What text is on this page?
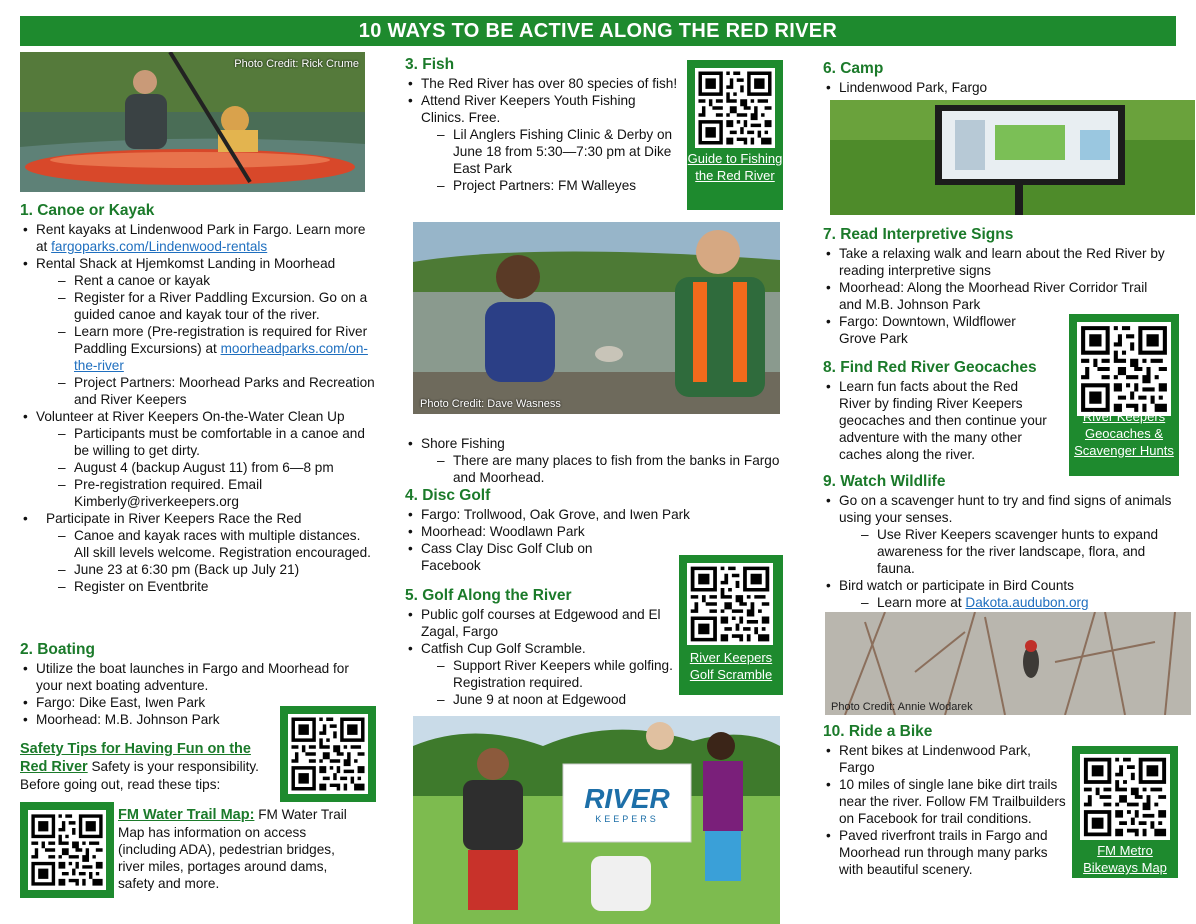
10 WAYS TO BE ACTIVE ALONG THE RED RIVER
Photo Credit: Rick Crume
1. Canoe or Kayak
• Rent kayaks at Lindenwood Park in Fargo. Learn more at fargoparks.com/Lindenwood-rentals
• Rental Shack at Hjemkomst Landing in Moorhead
– Rent a canoe or kayak
– Register for a River Paddling Excursion. Go on a guided canoe and kayak tour of the river.
– Learn more (Pre-registration is required for River Paddling Excursions) at moorheadparks.com/on-the-river
– Project Partners: Moorhead Parks and Recreation and River Keepers
• Volunteer at River Keepers On-the-Water Clean Up
– Participants must be comfortable in a canoe and be willing to get dirty.
– August 4 (backup August 11) from 6—8 pm
– Pre-registration required. Email Kimberly@riverkeepers.org
• Participate in River Keepers Race the Red
– Canoe and kayak races with multiple distances. All skill levels welcome. Registration encouraged.
– June 23 at 6:30 pm (Back up July 21)
– Register on Eventbrite
2. Boating
• Utilize the boat launches in Fargo and Moorhead for your next boating adventure.
• Fargo: Dike East, Iwen Park
• Moorhead: M.B. Johnson Park
Safety Tips for Having Fun on the Red River Safety is your responsibility. Before going out, read these tips:
FM Water Trail Map: FM Water Trail Map has information on access (including ADA), pedestrian bridges, river miles, portages around dams, safety and more.
3. Fish
• The Red River has over 80 species of fish!
• Attend River Keepers Youth Fishing Clinics. Free.
– Lil Anglers Fishing Clinic & Derby on June 18 from 5:30—7:30 pm at Dike East Park
– Project Partners: FM Walleyes
Guide to Fishing the Red River
Photo Credit: Dave Wasness
• Shore Fishing
– There are many places to fish from the banks in Fargo and Moorhead.
4. Disc Golf
• Fargo: Trollwood, Oak Grove, and Iwen Park
• Moorhead: Woodlawn Park
• Cass Clay Disc Golf Club on Facebook
5. Golf Along the River
• Public golf courses at Edgewood and El Zagal, Fargo
• Catfish Cup Golf Scramble.
– Support River Keepers while golfing. Registration required.
– June 9 at noon at Edgewood
River Keepers Golf Scramble
RIVER
KEEPERS
6. Camp
• Lindenwood Park, Fargo
7. Read Interpretive Signs
• Take a relaxing walk and learn about the Red River by reading interpretive signs
• Moorhead: Along the Moorhead River Corridor Trail and M.B. Johnson Park
• Fargo: Downtown, Wildflower Grove Park
8. Find Red River Geocaches
• Learn fun facts about the Red River by finding River Keepers geocaches and then continue your adventure with the many other caches along the river.
River Keepers Geocaches & Scavenger Hunts
9. Watch Wildlife
• Go on a scavenger hunt to try and find signs of animals using your senses.
– Use River Keepers scavenger hunts to expand awareness for the river landscape, flora, and fauna.
• Bird watch or participate in Bird Counts
– Learn more at Dakota.audubon.org
Photo Credit: Annie Wodarek
10. Ride a Bike
• Rent bikes at Lindenwood Park, Fargo
• 10 miles of single lane bike dirt trails near the river. Follow FM Trailbuilders on Facebook for trail conditions.
• Paved riverfront trails in Fargo and Moorhead run through many parks with beautiful scenery.
FM Metro Bikeways Map
